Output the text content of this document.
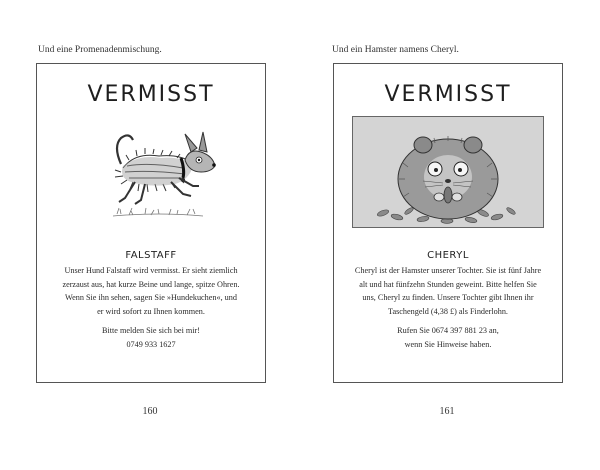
Und eine Promenadenmischung.
VERMISST
FALSTAFF

Unser Hund Falstaff wird vermisst. Er sieht ziemlich

zerzaust aus, hat kurze Beine und lange, spitze Ohren.

Wenn Sie ihn sehen, sagen Sie »Hundekuchen«, und

er wird sofort zu Ihnen kommen.

Bitte melden Sie sich bei mir!

0749 933 1627

160
Und ein Hamster namens Cheryl.
VERMISST
CHERYL

Cheryl ist der Hamster unserer Tochter. Sie ist fünf Jahre

alt und hat fünfzehn Stunden geweint. Bitte helfen Sie

uns, Cheryl zu finden. Unsere Tochter gibt Ihnen ihr

Taschengeld (4,38 £) als Finderlohn.

Rufen Sie 0674 397 881 23 an,

wenn Sie Hinweise haben.

161
